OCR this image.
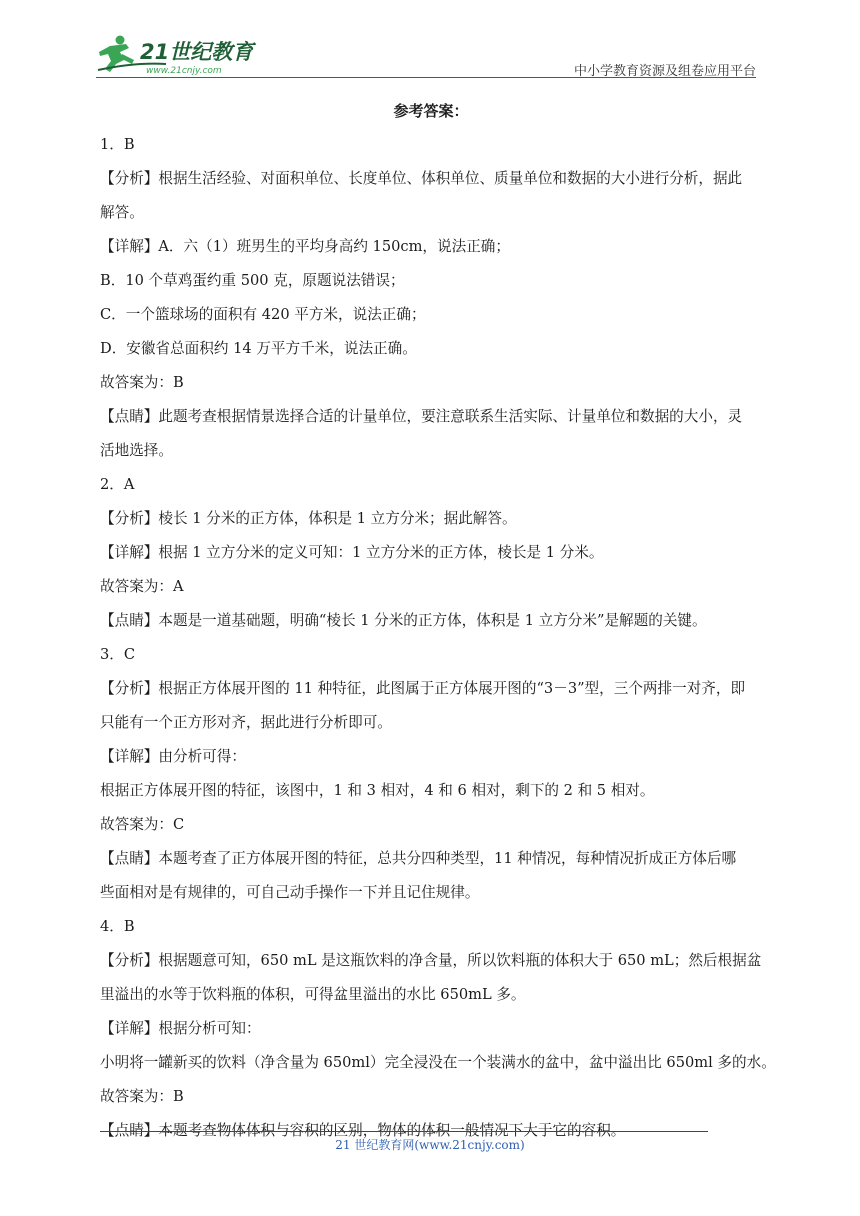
21世纪教育
www.21cnjy.com	中小学教育资源及组卷应用平台
参考答案：
1．B
【分析】根据生活经验、对面积单位、长度单位、体积单位、质量单位和数据的大小进行分析，据此
解答。
【详解】A．六（1）班男生的平均身高约 150cm，说法正确；
B．10 个草鸡蛋约重 500 克，原题说法错误；
C．一个篮球场的面积有 420 平方米，说法正确；
D．安徽省总面积约 14 万平方千米，说法正确。
故答案为：B
【点睛】此题考查根据情景选择合适的计量单位，要注意联系生活实际、计量单位和数据的大小，灵
活地选择。
2．A
【分析】棱长 1 分米的正方体，体积是 1 立方分米；据此解答。
【详解】根据 1 立方分米的定义可知：1 立方分米的正方体，棱长是 1 分米。
故答案为：A
【点睛】本题是一道基础题，明确“棱长 1 分米的正方体，体积是 1 立方分米”是解题的关键。
3．C
【分析】根据正方体展开图的 11 种特征，此图属于正方体展开图的“3－3”型，三个两排一对齐，即
只能有一个正方形对齐，据此进行分析即可。
【详解】由分析可得：
根据正方体展开图的特征，该图中，1 和 3 相对，4 和 6 相对，剩下的 2 和 5 相对。
故答案为：C
【点睛】本题考查了正方体展开图的特征，总共分四种类型，11 种情况，每种情况折成正方体后哪
些面相对是有规律的，可自己动手操作一下并且记住规律。
4．B
【分析】根据题意可知，650 mL 是这瓶饮料的净含量，所以饮料瓶的体积大于 650 mL；然后根据盆
里溢出的水等于饮料瓶的体积，可得盆里溢出的水比 650mL 多。
【详解】根据分析可知：
小明将一罐新买的饮料（净含量为 650ml）完全浸没在一个装满水的盆中，盆中溢出比 650ml 多的水。
故答案为：B
【点睛】本题考查物体体积与容积的区别，物体的体积一般情况下大于它的容积。
21 世纪教育网(www.21cnjy.com)
